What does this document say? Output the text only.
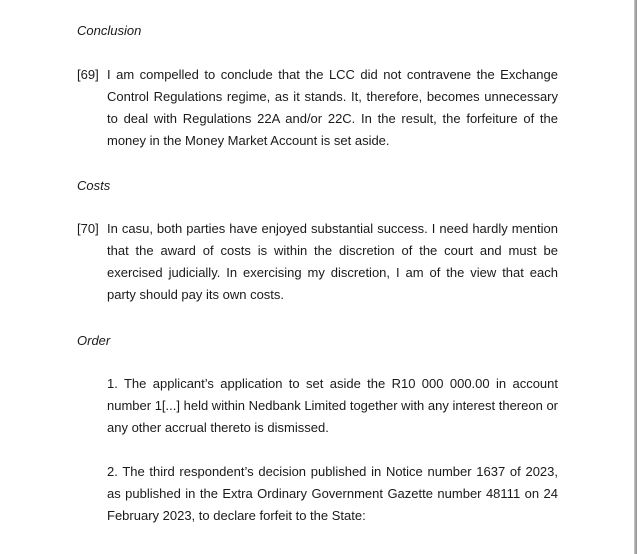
Conclusion
[69] I am compelled to conclude that the LCC did not contravene the Exchange Control Regulations regime, as it stands. It, therefore, becomes unnecessary to deal with Regulations 22A and/or 22C. In the result, the forfeiture of the money in the Money Market Account is set aside.
Costs
[70] In casu, both parties have enjoyed substantial success. I need hardly mention that the award of costs is within the discretion of the court and must be exercised judicially. In exercising my discretion, I am of the view that each party should pay its own costs.
Order
1. The applicant’s application to set aside the R10 000 000.00 in account number 1[...] held within Nedbank Limited together with any interest thereon or any other accrual thereto is dismissed.
2. The third respondent’s decision published in Notice number 1637 of 2023, as published in the Extra Ordinary Government Gazette number 48111 on 24 February 2023, to declare forfeit to the State:
